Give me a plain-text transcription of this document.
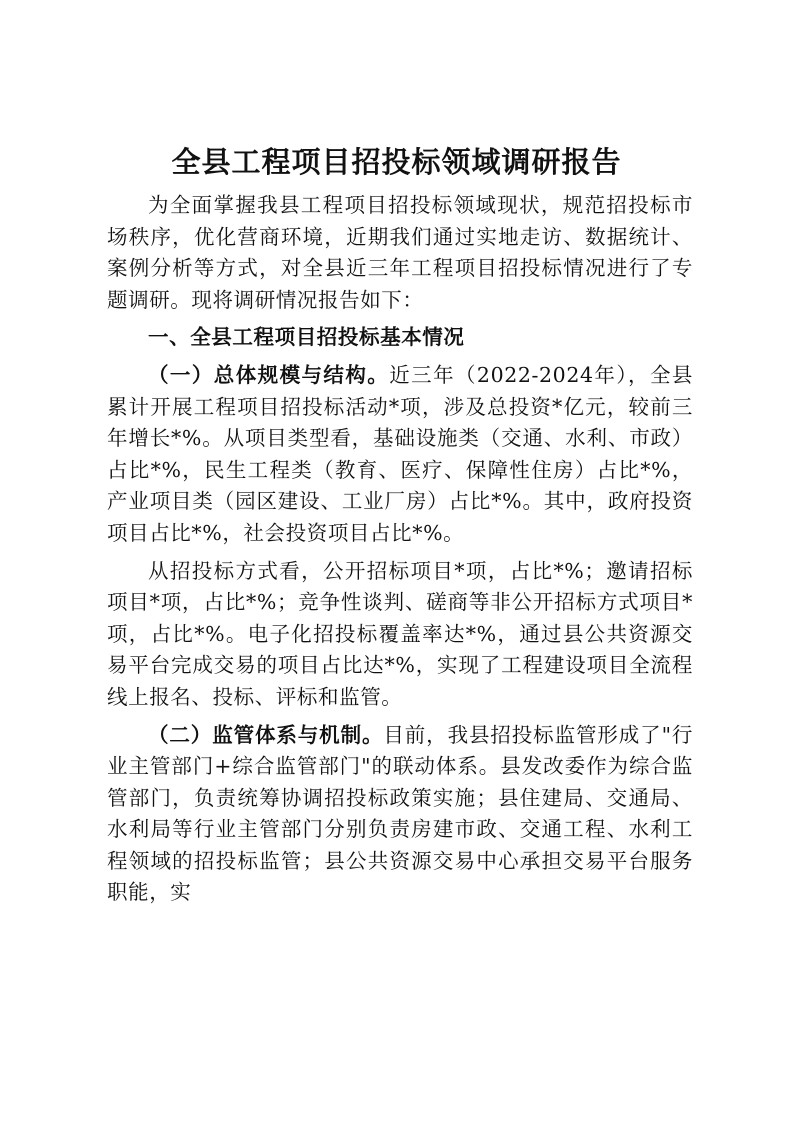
全县工程项目招投标领域调研报告

为全面掌握我县工程项目招投标领域现状，规范招投标市场秩序，优化营商环境，近期我们通过实地走访、数据统计、案例分析等方式，对全县近三年工程项目招投标情况进行了专题调研。现将调研情况报告如下：

一、全县工程项目招投标基本情况

（一）总体规模与结构。近三年（2022-2024年），全县累计开展工程项目招投标活动*项，涉及总投资*亿元，较前三年增长*%。从项目类型看，基础设施类（交通、水利、市政）占比*%，民生工程类（教育、医疗、保障性住房）占比*%，产业项目类（园区建设、工业厂房）占比*%。其中，政府投资项目占比*%，社会投资项目占比*%。

从招投标方式看，公开招标项目*项，占比*%；邀请招标项目*项，占比*%；竞争性谈判、磋商等非公开招标方式项目*项，占比*%。电子化招投标覆盖率达*%，通过县公共资源交易平台完成交易的项目占比达*%，实现了工程建设项目全流程线上报名、投标、评标和监管。

（二）监管体系与机制。目前，我县招投标监管形成了"行业主管部门+综合监管部门"的联动体系。县发改委作为综合监管部门，负责统筹协调招投标政策实施；县住建局、交通局、水利局等行业主管部门分别负责房建市政、交通工程、水利工程领域的招投标监管；县公共资源交易中心承担交易平台服务职能，实
